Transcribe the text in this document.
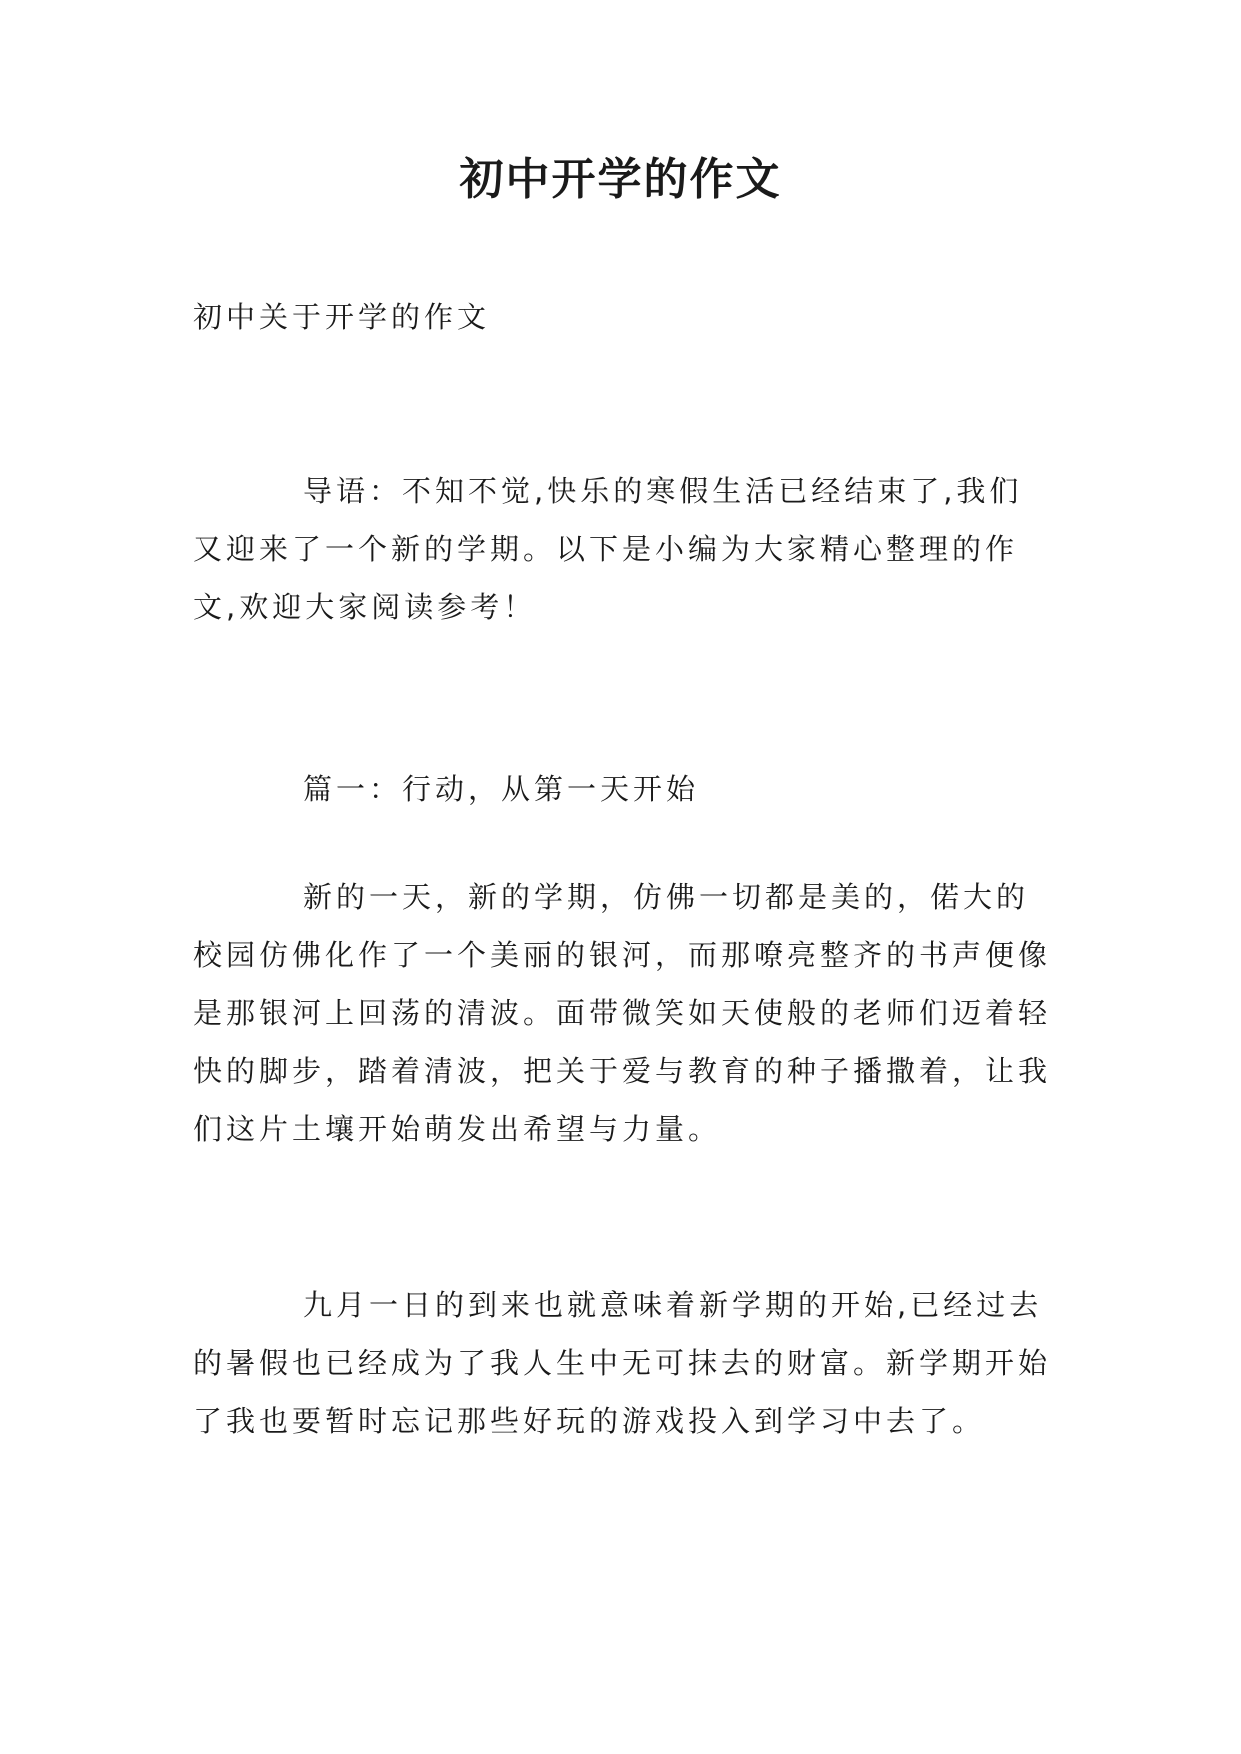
初中开学的作文

初中关于开学的作文

导语：不知不觉,快乐的寒假生活已经结束了,我们又迎来了一个新的学期。以下是小编为大家精心整理的作文,欢迎大家阅读参考！

篇一：行动，从第一天开始

新的一天，新的学期，仿佛一切都是美的，偌大的校园仿佛化作了一个美丽的银河，而那嘹亮整齐的书声便像是那银河上回荡的清波。面带微笑如天使般的老师们迈着轻快的脚步，踏着清波，把关于爱与教育的种子播撒着，让我们这片土壤开始萌发出希望与力量。

九月一日的到来也就意味着新学期的开始,已经过去的暑假也已经成为了我人生中无可抹去的财富。新学期开始了我也要暂时忘记那些好玩的游戏投入到学习中去了。
